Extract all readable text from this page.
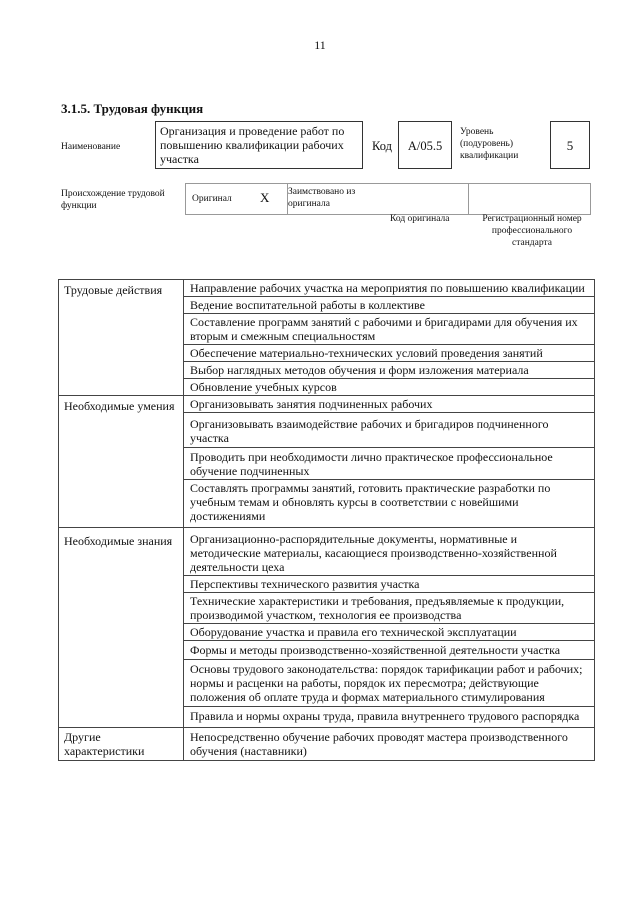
11
3.1.5. Трудовая функция
Наименование
Организация и проведение работ по повышению квалификации рабочих участка
Код	A/05.5
Уровень (подуровень) квалификации
5
Происхождение трудовой функции
Оригинал X Заимствовано из оригинала
Код оригинала	Регистрационный номер профессионального стандарта
Трудовые действия	Направление рабочих участка на мероприятия по повышению квалификации
	Ведение воспитательной работы в коллективе
	Составление программ занятий с рабочими и бригадирами для обучения их вторым и смежным специальностям
	Обеспечение материально-технических условий проведения занятий
	Выбор наглядных методов обучения и форм изложения материала
	Обновление учебных курсов
Необходимые умения	Организовывать занятия подчиненных рабочих
	Организовывать взаимодействие рабочих и бригадиров подчиненного участка
	Проводить при необходимости лично практическое профессиональное обучение подчиненных
	Составлять программы занятий, готовить практические разработки по учебным темам и обновлять курсы в соответствии с новейшими достижениями
Необходимые знания	Организационно-распорядительные документы, нормативные и методические материалы, касающиеся производственно-хозяйственной деятельности цеха
	Перспективы технического развития участка
	Технические характеристики и требования, предъявляемые к продукции, производимой участком, технология ее производства
	Оборудование участка и правила его технической эксплуатации
	Формы и методы производственно-хозяйственной деятельности участка
	Основы трудового законодательства: порядок тарификации работ и рабочих; нормы и расценки на работы, порядок их пересмотра; действующие положения об оплате труда и формах материального стимулирования
	Правила и нормы охраны труда, правила внутреннего трудового распорядка
Другие характеристики	Непосредственно обучение рабочих проводят мастера производственного обучения (наставники)
